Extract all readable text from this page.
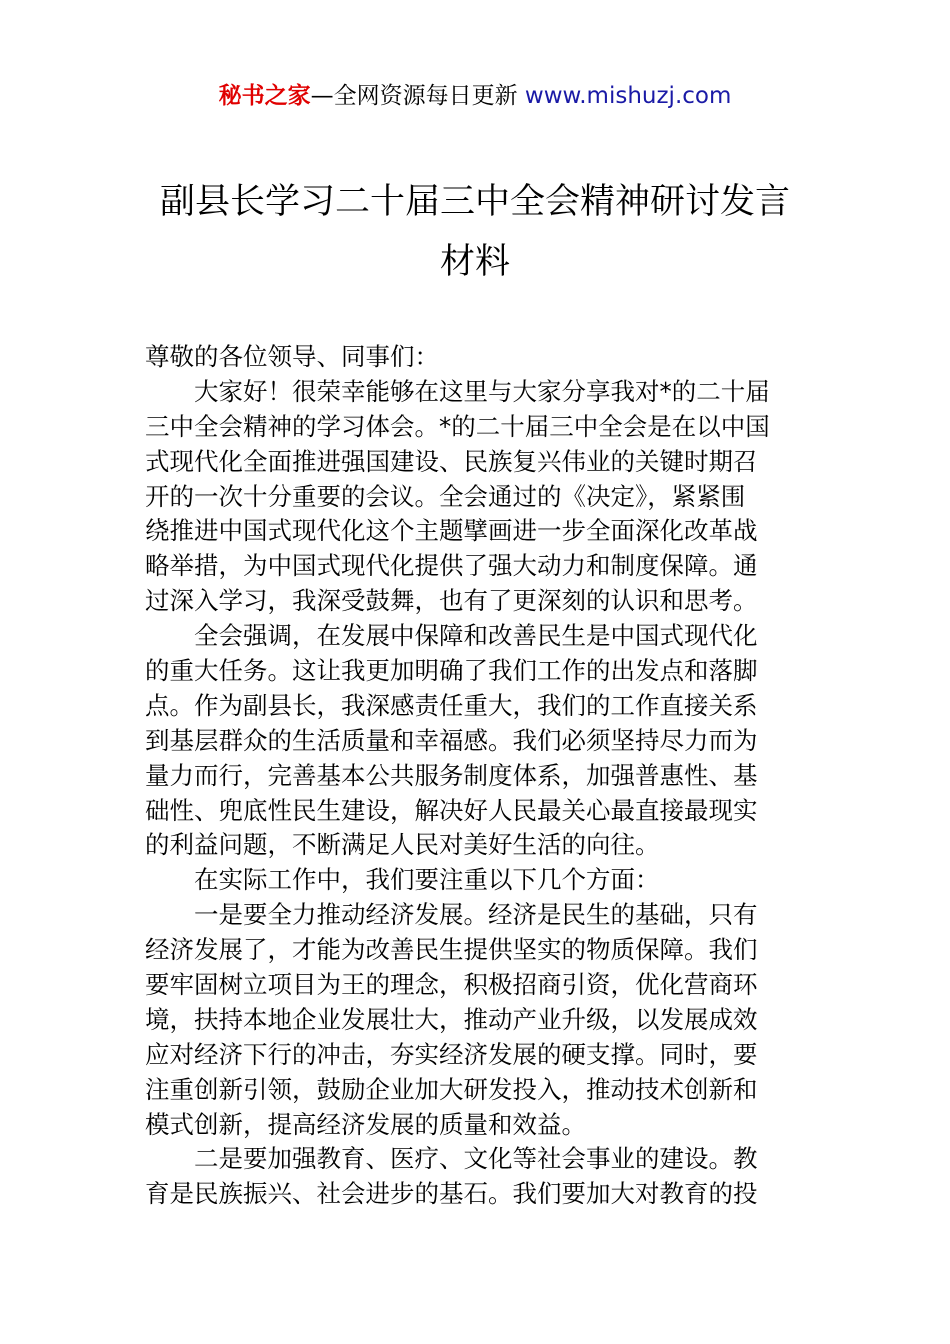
秘书之家—全网资源每日更新 www.mishuzj.com
副县长学习二十届三中全会精神研讨发言
材料
尊敬的各位领导、同事们：
　　大家好！很荣幸能够在这里与大家分享我对*的二十届
三中全会精神的学习体会。*的二十届三中全会是在以中国
式现代化全面推进强国建设、民族复兴伟业的关键时期召
开的一次十分重要的会议。全会通过的《决定》，紧紧围
绕推进中国式现代化这个主题擘画进一步全面深化改革战
略举措，为中国式现代化提供了强大动力和制度保障。通
过深入学习，我深受鼓舞，也有了更深刻的认识和思考。
　　全会强调，在发展中保障和改善民生是中国式现代化
的重大任务。这让我更加明确了我们工作的出发点和落脚
点。作为副县长，我深感责任重大，我们的工作直接关系
到基层群众的生活质量和幸福感。我们必须坚持尽力而为
量力而行，完善基本公共服务制度体系，加强普惠性、基
础性、兜底性民生建设，解决好人民最关心最直接最现实
的利益问题，不断满足人民对美好生活的向往。
　　在实际工作中，我们要注重以下几个方面：
　　一是要全力推动经济发展。经济是民生的基础，只有
经济发展了，才能为改善民生提供坚实的物质保障。我们
要牢固树立项目为王的理念，积极招商引资，优化营商环
境，扶持本地企业发展壮大，推动产业升级，以发展成效
应对经济下行的冲击，夯实经济发展的硬支撑。同时，要
注重创新引领，鼓励企业加大研发投入，推动技术创新和
模式创新，提高经济发展的质量和效益。
　　二是要加强教育、医疗、文化等社会事业的建设。教
育是民族振兴、社会进步的基石。我们要加大对教育的投
